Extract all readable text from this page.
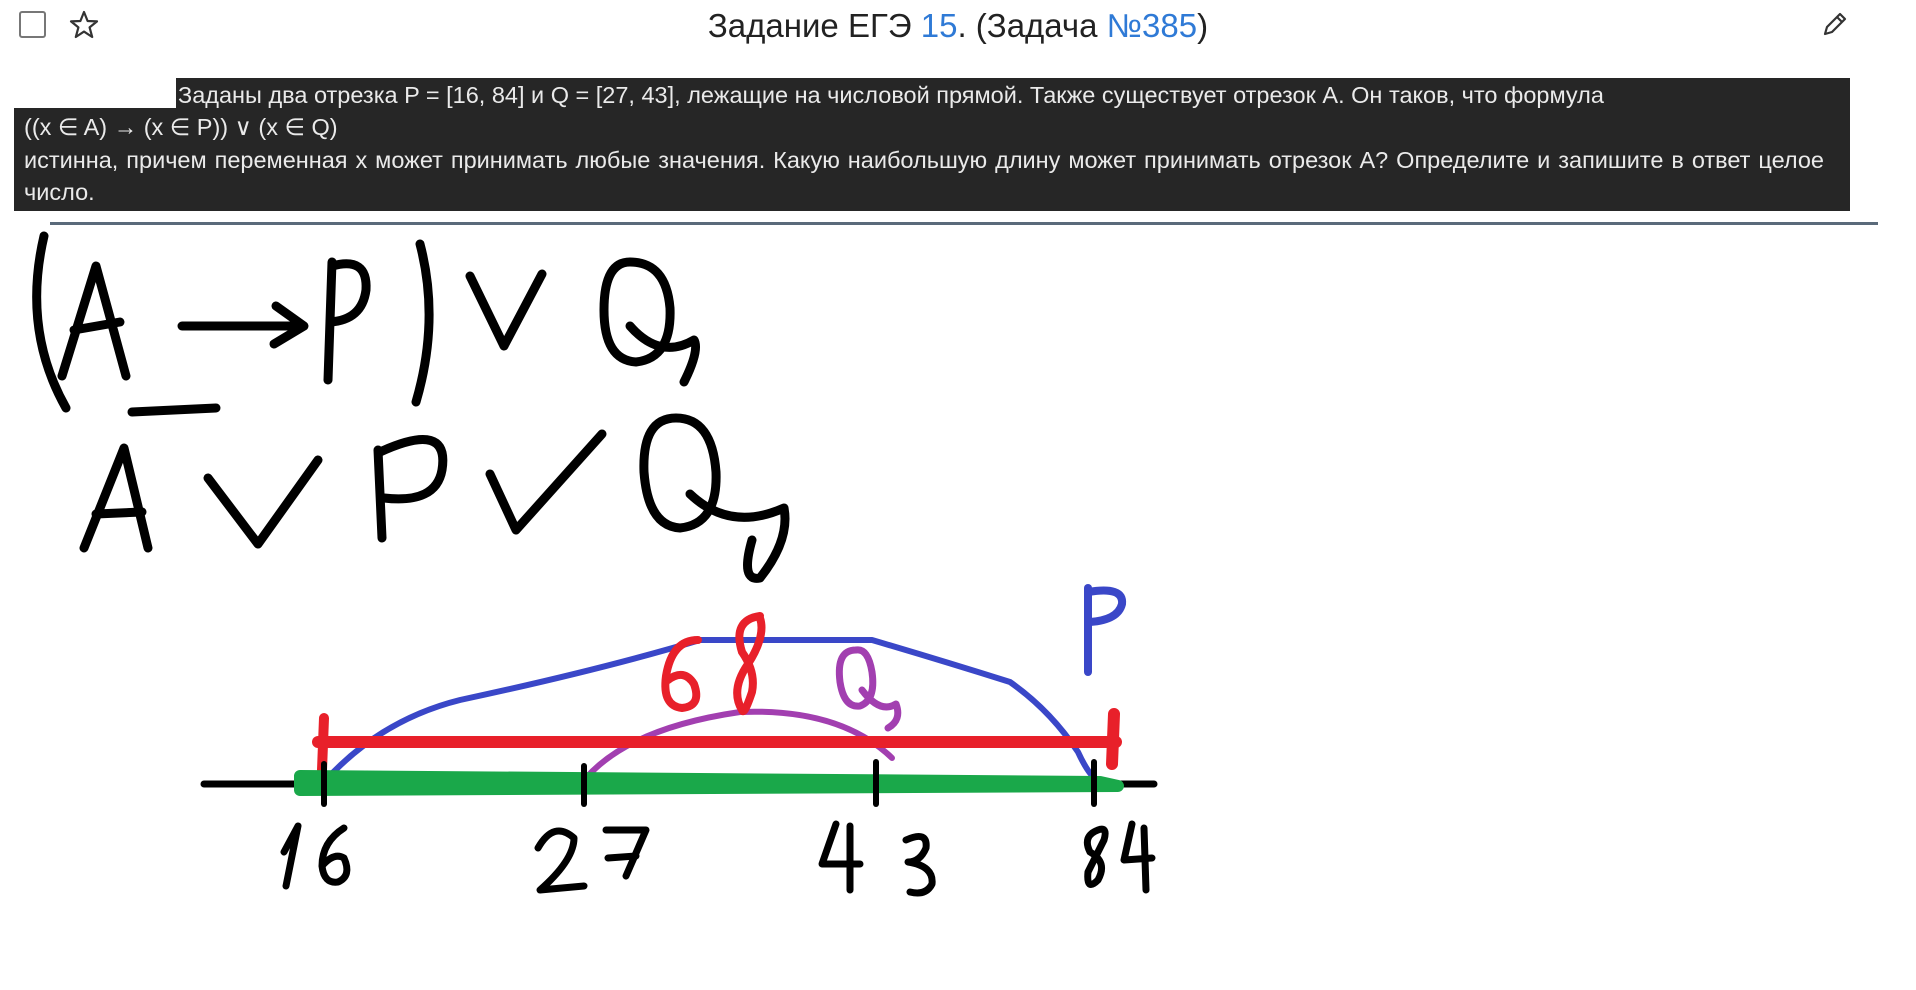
Задание ЕГЭ 15. (Задача №385)
Заданы два отрезка P = [16, 84] и Q = [27, 43], лежащие на числовой прямой. Также существует отрезок A. Он таков, что формула
((x ∈ A) → (x ∈ P)) ∨ (x ∈ Q)
истинна, причем переменная x может принимать любые значения. Какую наибольшую длину может принимать отрезок A? Определите и запишите в ответ целое число.
(A→P)∨Q
Ā∨P∨Q
